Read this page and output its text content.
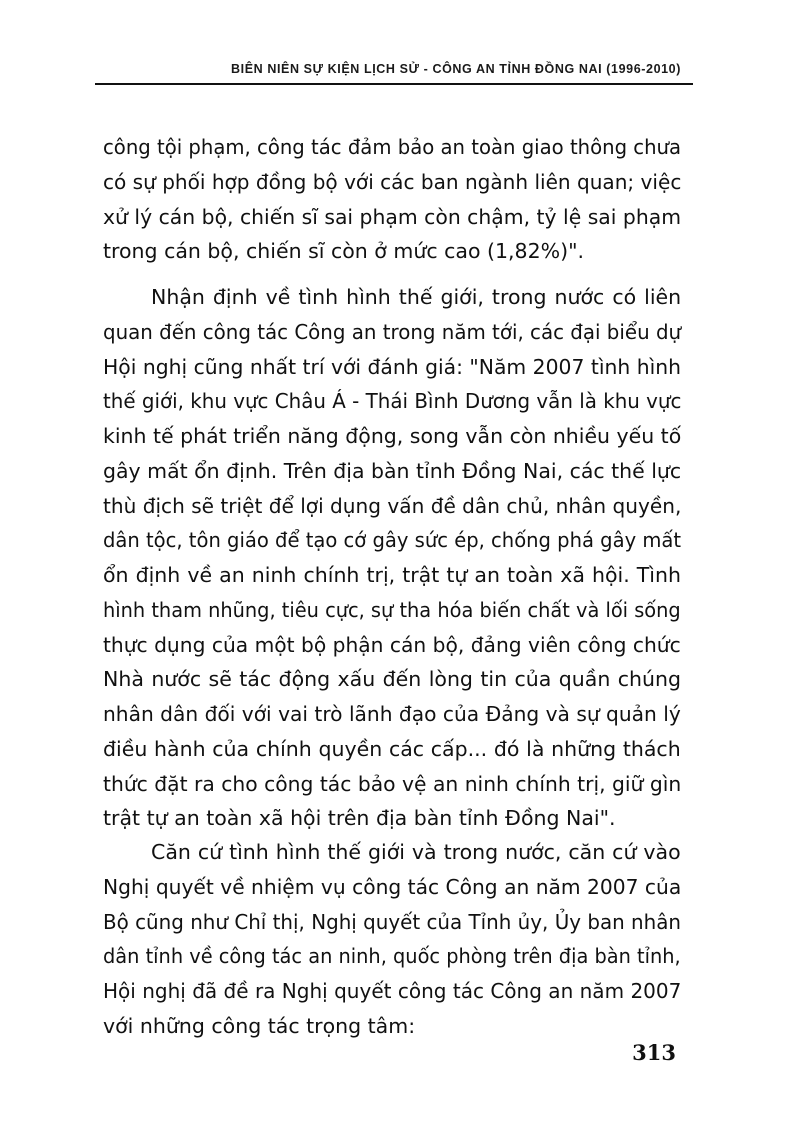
BIÊN NIÊN SỰ KIỆN LỊCH SỬ - CÔNG AN TỈNH ĐỒNG NAI (1996-2010)
công tội phạm, công tác đảm bảo an toàn giao thông chưa
có sự phối hợp đồng bộ với các ban ngành liên quan; việc
xử lý cán bộ, chiến sĩ sai phạm còn chậm, tỷ lệ sai phạm
trong cán bộ, chiến sĩ còn ở mức cao (1,82%)".
Nhận định về tình hình thế giới, trong nước có liên
quan đến công tác Công an trong năm tới, các đại biểu dự
Hội nghị cũng nhất trí với đánh giá: "Năm 2007 tình hình
thế giới, khu vực Châu Á - Thái Bình Dương vẫn là khu vực
kinh tế phát triển năng động, song vẫn còn nhiều yếu tố
gây mất ổn định. Trên địa bàn tỉnh Đồng Nai, các thế lực
thù địch sẽ triệt để lợi dụng vấn đề dân chủ, nhân quyền,
dân tộc, tôn giáo để tạo cớ gây sức ép, chống phá gây mất
ổn định về an ninh chính trị, trật tự an toàn xã hội. Tình
hình tham nhũng, tiêu cực, sự tha hóa biến chất và lối sống
thực dụng của một bộ phận cán bộ, đảng viên công chức
Nhà nước sẽ tác động xấu đến lòng tin của quần chúng
nhân dân đối với vai trò lãnh đạo của Đảng và sự quản lý
điều hành của chính quyền các cấp... đó là những thách
thức đặt ra cho công tác bảo vệ an ninh chính trị, giữ gìn
trật tự an toàn xã hội trên địa bàn tỉnh Đồng Nai".
Căn cứ tình hình thế giới và trong nước, căn cứ vào
Nghị quyết về nhiệm vụ công tác Công an năm 2007 của
Bộ cũng như Chỉ thị, Nghị quyết của Tỉnh ủy, Ủy ban nhân
dân tỉnh về công tác an ninh, quốc phòng trên địa bàn tỉnh,
Hội nghị đã đề ra Nghị quyết công tác Công an năm 2007
với những công tác trọng tâm:
313
